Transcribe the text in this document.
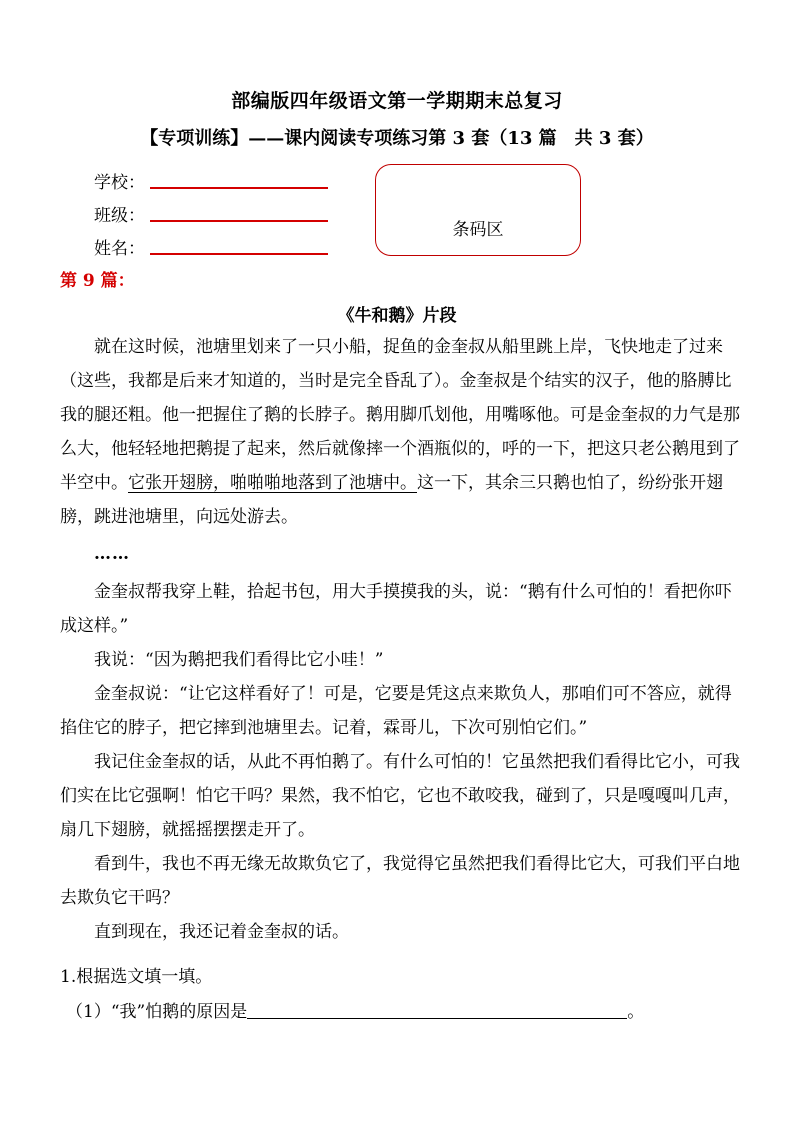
部编版四年级语文第一学期期末总复习
【专项训练】——课内阅读专项练习第 3 套（13 篇　共 3 套）
学校：
班级：
姓名：
条码区
第 9 篇：
《牛和鹅》片段

就在这时候，池塘里划来了一只小船，捉鱼的金奎叔从船里跳上岸，飞快地走了过来（这些，我都是后来才知道的，当时是完全昏乱了）。金奎叔是个结实的汉子，他的胳膊比我的腿还粗。他一把握住了鹅的长脖子。鹅用脚爪划他，用嘴啄他。可是金奎叔的力气是那么大，他轻轻地把鹅提了起来，然后就像摔一个酒瓶似的，呼的一下，把这只老公鹅甩到了半空中。它张开翅膀，啪啪啪地落到了池塘中。这一下，其余三只鹅也怕了，纷纷张开翅膀，跳进池塘里，向远处游去。

……

金奎叔帮我穿上鞋，拾起书包，用大手摸摸我的头，说：“鹅有什么可怕的！看把你吓成这样。”

我说：“因为鹅把我们看得比它小哇！”

金奎叔说：“让它这样看好了！可是，它要是凭这点来欺负人，那咱们可不答应，就得掐住它的脖子，把它摔到池塘里去。记着，霖哥儿，下次可别怕它们。”

我记住金奎叔的话，从此不再怕鹅了。有什么可怕的！它虽然把我们看得比它小，可我们实在比它强啊！怕它干吗？果然，我不怕它，它也不敢咬我，碰到了，只是嘎嘎叫几声，扇几下翅膀，就摇摇摆摆走开了。

看到牛，我也不再无缘无故欺负它了，我觉得它虽然把我们看得比它大，可我们平白地去欺负它干吗？

直到现在，我还记着金奎叔的话。

1.根据选文填一填。
（1）“我”怕鹅的原因是	。
